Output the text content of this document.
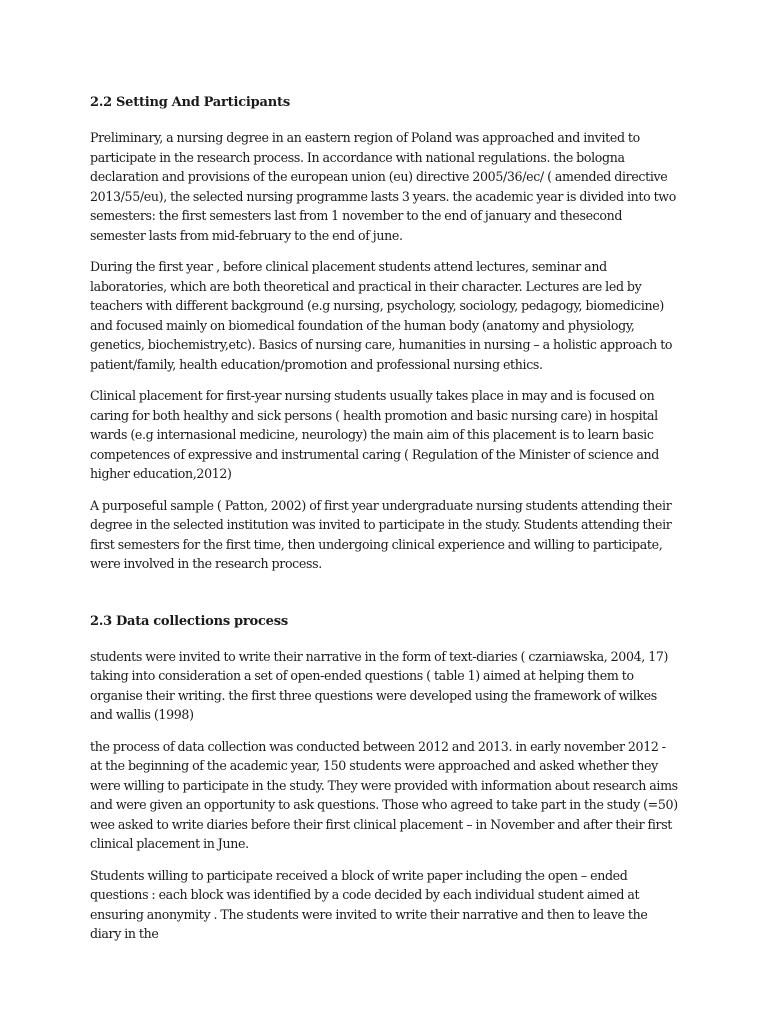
2.2 Setting And Participants

Preliminary, a nursing degree in an eastern region of Poland was approached and invited to participate in the research process. In accordance with national regulations. the bologna declaration and provisions of the european union (eu) directive 2005/36/ec/ ( amended directive 2013/55/eu), the selected nursing programme lasts 3 years. the academic year is divided into two semesters: the first semesters last from 1 november to the end of january and thesecond semester lasts from mid-february to the end of june.

During the first year , before clinical placement students attend lectures, seminar and laboratories, which are both theoretical and practical in their character. Lectures are led by teachers with different background (e.g nursing, psychology, sociology, pedagogy, biomedicine) and focused mainly on biomedical foundation of the human body (anatomy and physiology, genetics, biochemistry,etc). Basics of nursing care, humanities in nursing – a holistic approach to patient/family, health education/promotion and professional nursing ethics.

Clinical placement for first-year nursing students usually takes place in may and is focused on caring for both healthy and sick persons ( health promotion and basic nursing care) in hospital wards (e.g internasional medicine, neurology) the main aim of this placement is to learn basic competences of expressive and instrumental caring ( Regulation of the Minister of science and higher education,2012)

A purposeful sample ( Patton, 2002) of first year undergraduate nursing students attending their degree in the selected institution was invited to participate in the study. Students attending their first semesters for the first time, then undergoing clinical experience and willing to participate, were involved in the research process.

2.3 Data collections process

students were invited to write their narrative in the form of text-diaries ( czarniawska, 2004, 17) taking into consideration a set of open-ended questions ( table 1) aimed at helping them to organise their writing. the first three questions were developed using the framework of wilkes and wallis (1998)

the process of data collection was conducted between 2012 and 2013. in early november 2012 - at the beginning of the academic year, 150 students were approached and asked whether they were willing to participate in the study. They were provided with information about research aims and were given an opportunity to ask questions. Those who agreed to take part in the study (=50) wee asked to write diaries before their first clinical placement – in November and after their first clinical placement in June.

Students willing to participate received a block of write paper including the open – ended questions : each block was identified by a code decided by each individual student aimed at ensuring anonymity . The students were invited to write their narrative and then to leave the diary in the
